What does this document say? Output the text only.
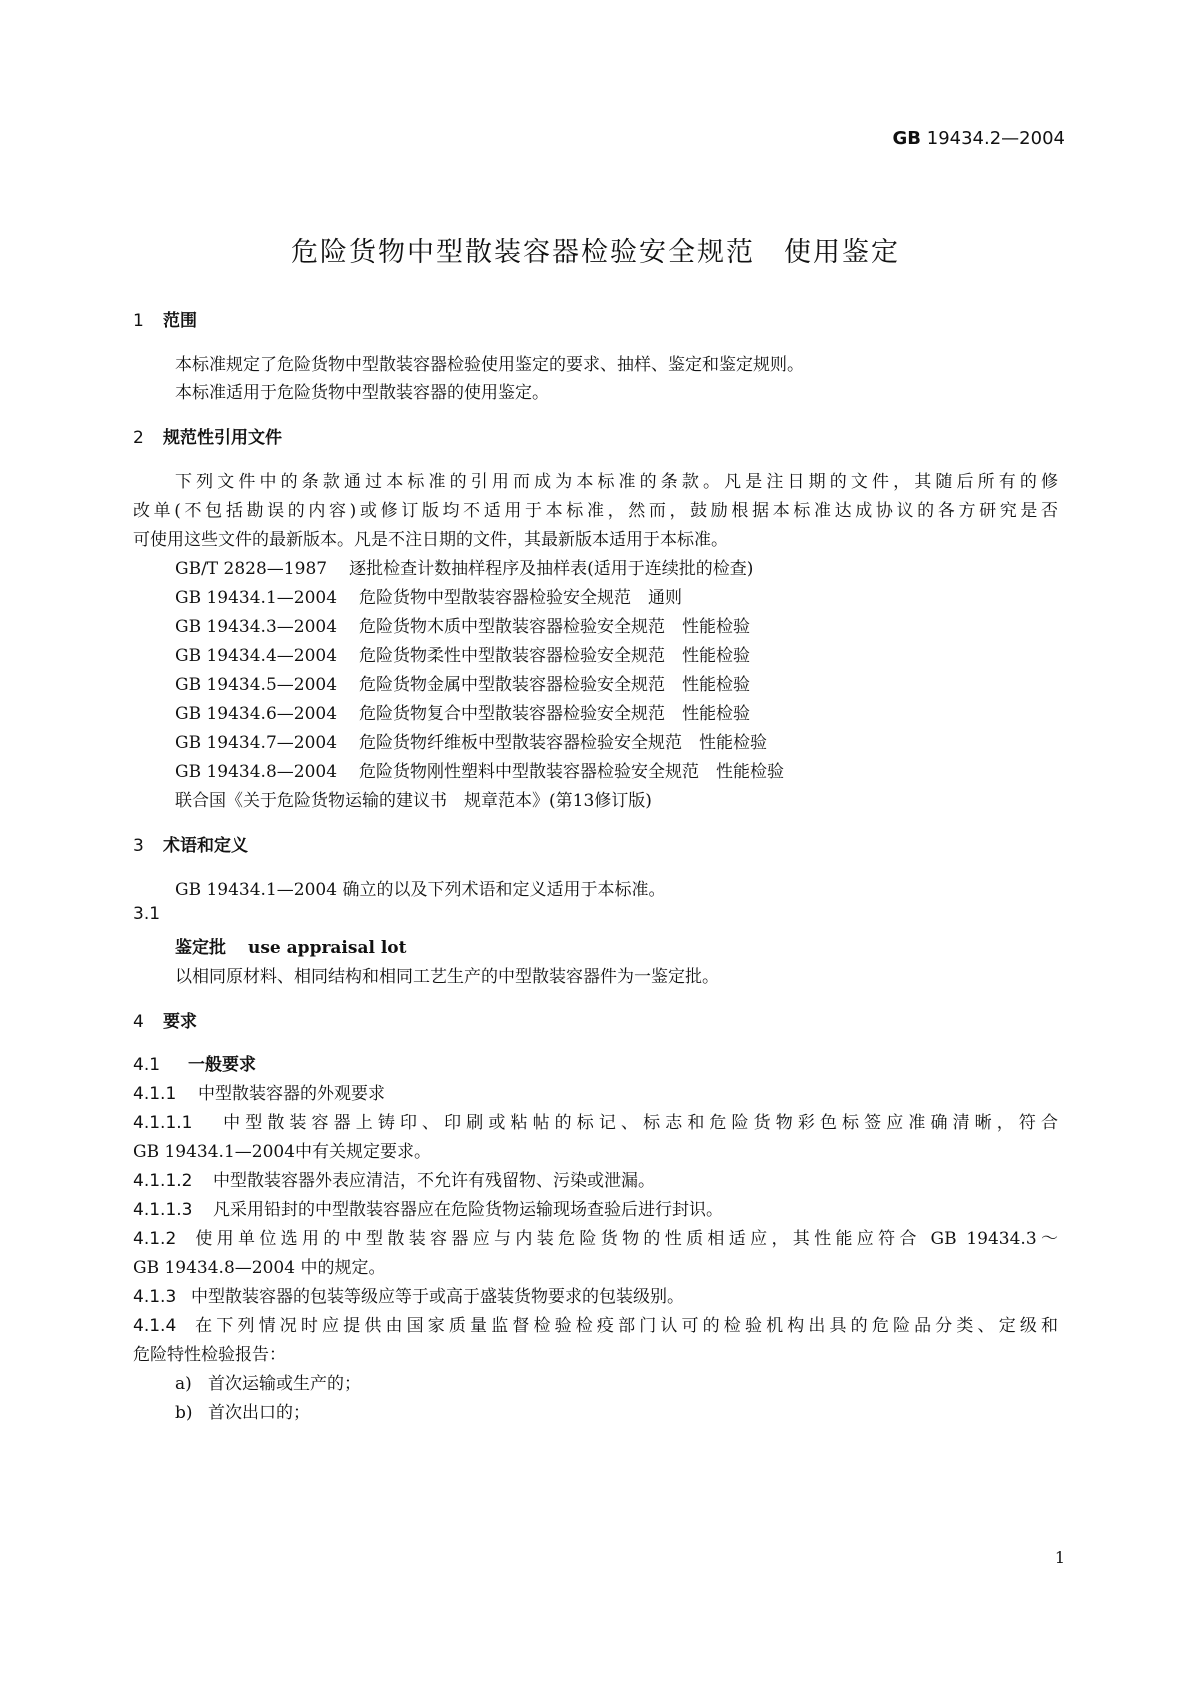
GB 19434.2—2004
危险货物中型散装容器检验安全规范　使用鉴定
1 范围
本标准规定了危险货物中型散装容器检验使用鉴定的要求、抽样、鉴定和鉴定规则。
本标准适用于危险货物中型散装容器的使用鉴定。
2 规范性引用文件
下列文件中的条款通过本标准的引用而成为本标准的条款。凡是注日期的文件，其随后所有的修
改单(不包括勘误的内容)或修订版均不适用于本标准，然而，鼓励根据本标准达成协议的各方研究是否
可使用这些文件的最新版本。凡是不注日期的文件，其最新版本适用于本标准。
GB/T 2828—1987 逐批检查计数抽样程序及抽样表(适用于连续批的检查)
GB 19434.1—2004 危险货物中型散装容器检验安全规范　通则
GB 19434.3—2004 危险货物木质中型散装容器检验安全规范　性能检验
GB 19434.4—2004 危险货物柔性中型散装容器检验安全规范　性能检验
GB 19434.5—2004 危险货物金属中型散装容器检验安全规范　性能检验
GB 19434.6—2004 危险货物复合中型散装容器检验安全规范　性能检验
GB 19434.7—2004 危险货物纤维板中型散装容器检验安全规范　性能检验
GB 19434.8—2004 危险货物刚性塑料中型散装容器检验安全规范　性能检验
联合国《关于危险货物运输的建议书　规章范本》(第13修订版)
3 术语和定义
GB 19434.1—2004 确立的以及下列术语和定义适用于本标准。
3.1
鉴定批 use appraisal lot
以相同原材料、相同结构和相同工艺生产的中型散装容器件为一鉴定批。
4 要求
4.1 一般要求
4.1.1 中型散装容器的外观要求
4.1.1.1 中型散装容器上铸印、印刷或粘帖的标记、标志和危险货物彩色标签应准确清晰，符合
GB 19434.1—2004中有关规定要求。
4.1.1.2 中型散装容器外表应清洁，不允许有残留物、污染或泄漏。
4.1.1.3 凡采用铅封的中型散装容器应在危险货物运输现场查验后进行封识。
4.1.2 使用单位选用的中型散装容器应与内装危险货物的性质相适应，其性能应符合 GB 19434.3～
GB 19434.8—2004 中的规定。
4.1.3 中型散装容器的包装等级应等于或高于盛装货物要求的包装级别。
4.1.4 在下列情况时应提供由国家质量监督检验检疫部门认可的检验机构出具的危险品分类、定级和
危险特性检验报告：
a) 首次运输或生产的；
b) 首次出口的；
1
